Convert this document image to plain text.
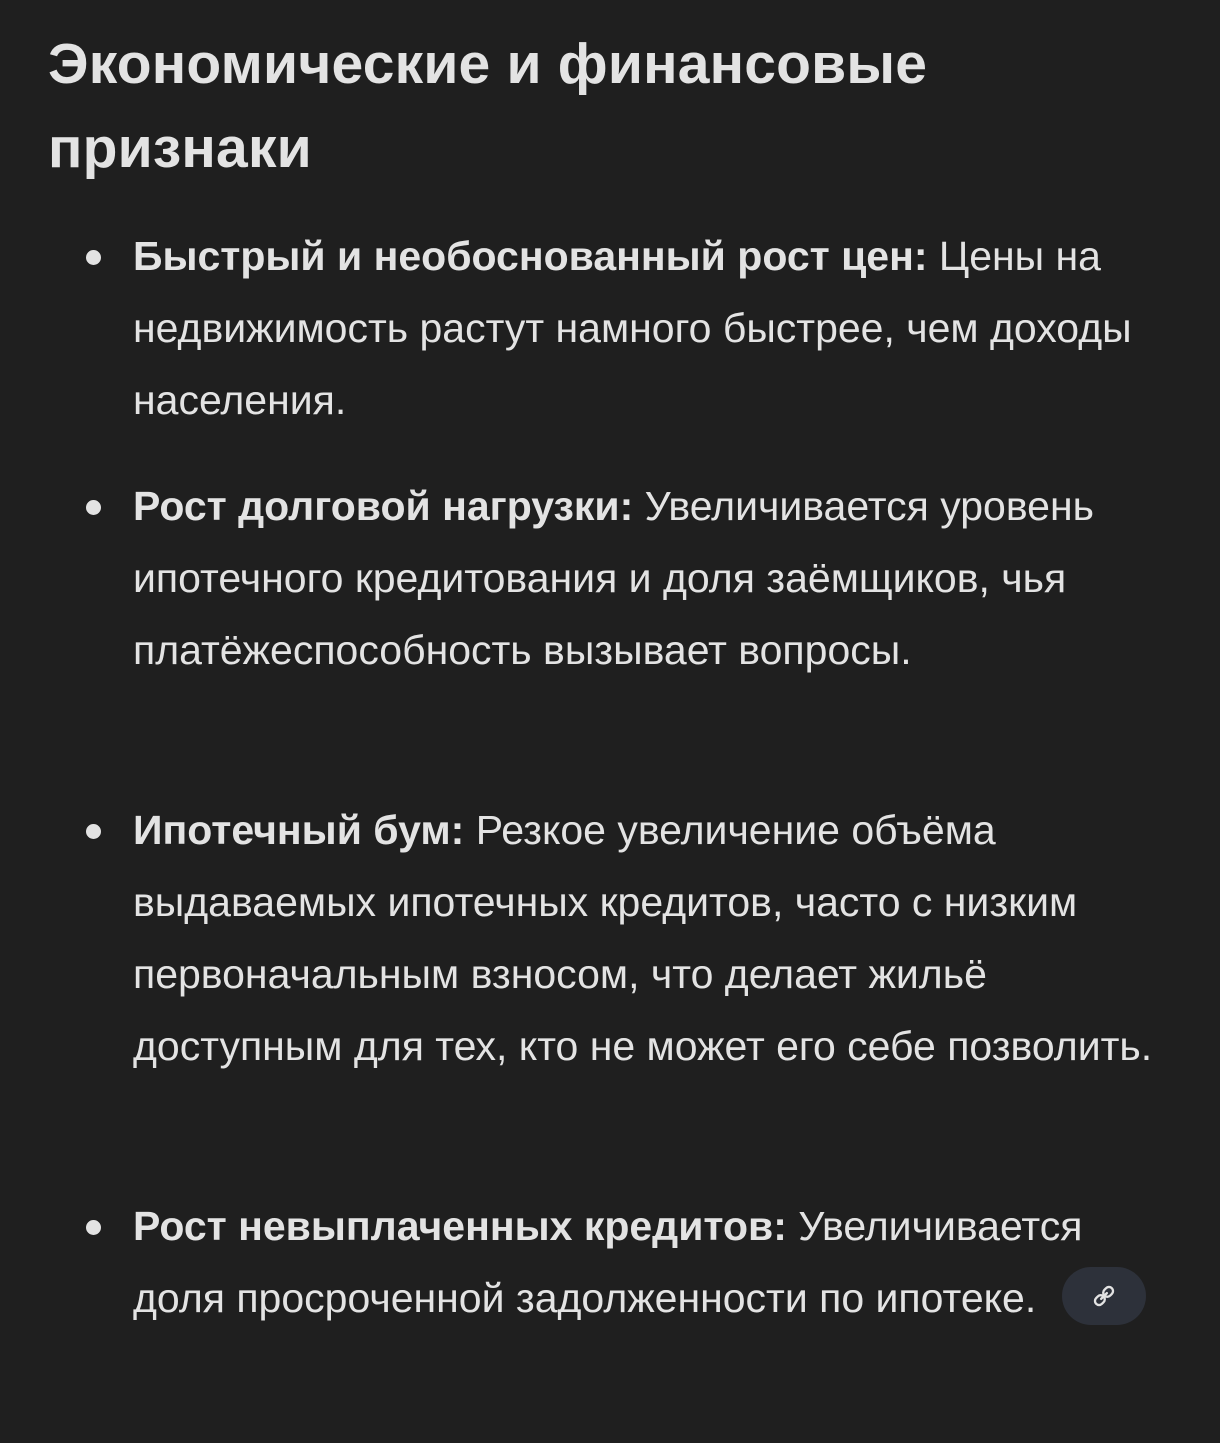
Экономические и финансовые признаки
Быстрый и необоснованный рост цен: Цены на недвижимость растут намного быстрее, чем доходы населения.
Рост долговой нагрузки: Увеличивается уровень ипотечного кредитования и доля заёмщиков, чья платёжеспособность вызывает вопросы.
Ипотечный бум: Резкое увеличение объёма выдаваемых ипотечных кредитов, часто с низким первоначальным взносом, что делает жильё доступным для тех, кто не может его себе позволить.
Рост невыплаченных кредитов: Увеличивается доля просроченной задолженности по ипотеке.
